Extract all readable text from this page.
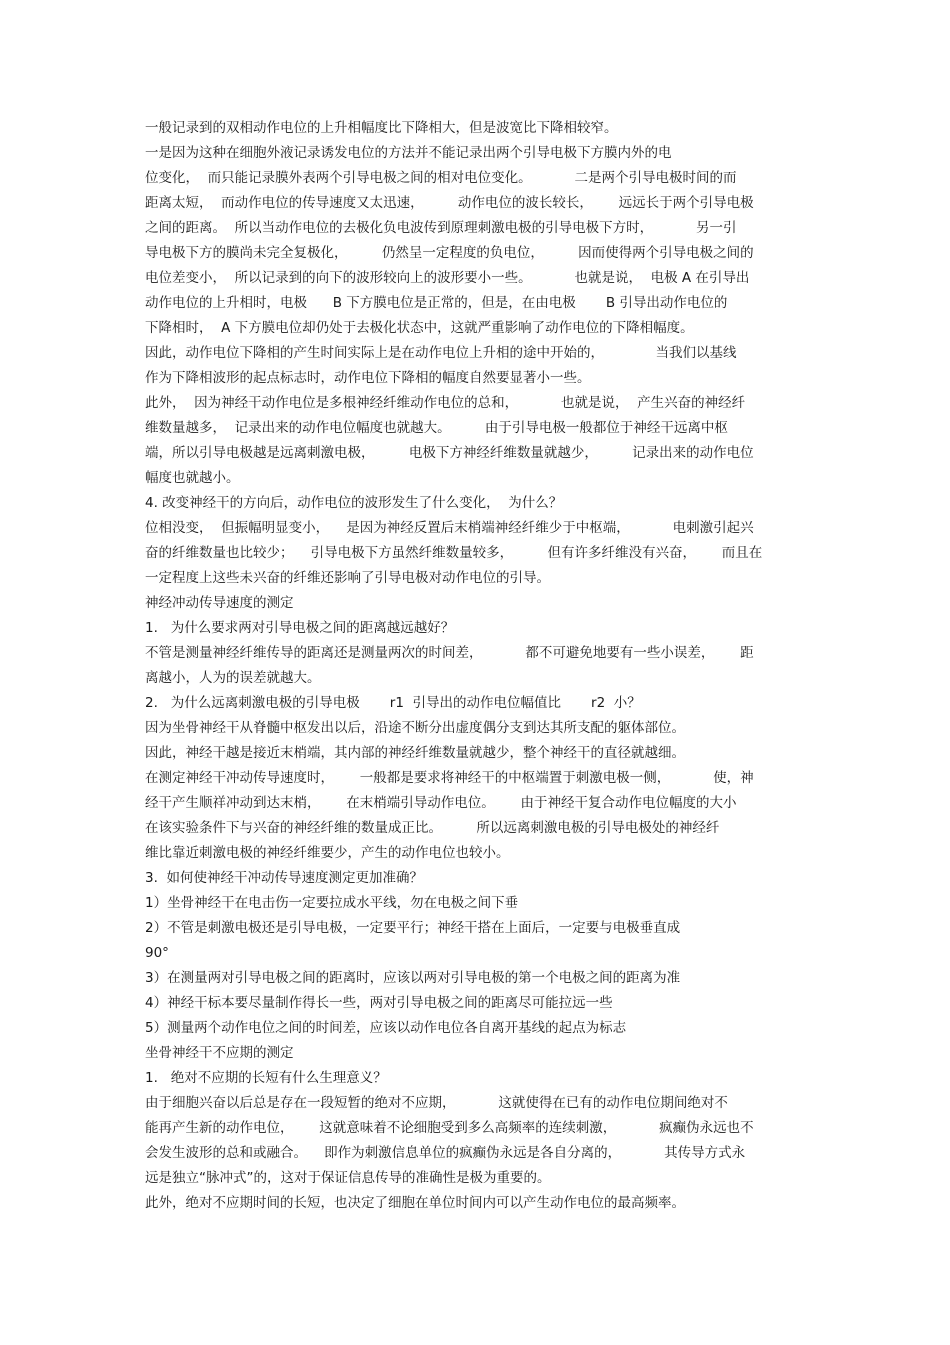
一般记录到的双相动作电位的上升相幅度比下降相大，但是波宽比下降相较窄。
一是因为这种在细胞外液记录诱发电位的方法并不能记录出两个引导电极下方膜内外的电
位变化，  而只能记录膜外表两个引导电极之间的相对电位变化。          二是两个引导电极时间的而
距离太短，  而动作电位的传导速度又太迅速，        动作电位的波长较长，      远远长于两个引导电极
之间的距离。  所以当动作电位的去极化负电波传到原理刺激电极的引导电极下方时，          另一引
导电极下方的膜尚未完全复极化，        仍然呈一定程度的负电位，        因而使得两个引导电极之间的
电位差变小，  所以记录到的向下的波形较向上的波形要小一些。          也就是说，  电极 A 在引导出
动作电位的上升相时，电极      B 下方膜电位是正常的，但是，在由电极       B 引导出动作电位的
下降相时，  A 下方膜电位却仍处于去极化状态中，这就严重影响了动作电位的下降相幅度。
因此，动作电位下降相的产生时间实际上是在动作电位上升相的途中开始的，            当我们以基线
作为下降相波形的起点标志时，动作电位下降相的幅度自然要显著小一些。
此外，  因为神经干动作电位是多根神经纤维动作电位的总和，          也就是说，  产生兴奋的神经纤
维数量越多，  记录出来的动作电位幅度也就越大。        由于引导电极一般都位于神经干远离中枢
端，所以引导电极越是远离刺激电极，        电极下方神经纤维数量就越少，        记录出来的动作电位
幅度也就越小。
4. 改变神经干的方向后，动作电位的波形发生了什么变化，  为什么？
位相没变，  但振幅明显变小，    是因为神经反置后末梢端神经纤维少于中枢端，          电刺激引起兴
奋的纤维数量也比较少；    引导电极下方虽然纤维数量较多，        但有许多纤维没有兴奋，      而且在
一定程度上这些未兴奋的纤维还影响了引导电极对动作电位的引导。
神经冲动传导速度的测定
1.   为什么要求两对引导电极之间的距离越远越好？
不管是测量神经纤维传导的距离还是测量两次的时间差，          都不可避免地要有一些小误差，      距
离越小，人为的误差就越大。
2.   为什么远离刺激电极的引导电极       r1  引导出的动作电位幅值比       r2  小？
因为坐骨神经干从脊髓中枢发出以后，沿途不断分出虚度偶分支到达其所支配的躯体部位。
因此，神经干越是接近末梢端，其内部的神经纤维数量就越少，整个神经干的直径就越细。
在测定神经干冲动传导速度时，      一般都是要求将神经干的中枢端置于刺激电极一侧，          使，神
经干产生顺祥冲动到达末梢，      在末梢端引导动作电位。      由于神经干复合动作电位幅度的大小
在该实验条件下与兴奋的神经纤维的数量成正比。        所以远离刺激电极的引导电极处的神经纤
维比靠近刺激电极的神经纤维要少，产生的动作电位也较小。
3.  如何使神经干冲动传导速度测定更加准确？
1）坐骨神经干在电击伤一定要拉成水平线，勿在电极之间下垂
2）不管是刺激电极还是引导电极，一定要平行；神经干搭在上面后，一定要与电极垂直成
90°
3）在测量两对引导电极之间的距离时，应该以两对引导电极的第一个电极之间的距离为准
4）神经干标本要尽量制作得长一些，两对引导电极之间的距离尽可能拉远一些
5）测量两个动作电位之间的时间差，应该以动作电位各自离开基线的起点为标志
坐骨神经干不应期的测定
1.   绝对不应期的长短有什么生理意义？
由于细胞兴奋以后总是存在一段短暂的绝对不应期，          这就使得在已有的动作电位期间绝对不
能再产生新的动作电位，      这就意味着不论细胞受到多么高频率的连续刺激，          疯癫伪永远也不
会发生波形的总和或融合。    即作为刺激信息单位的疯癫伪永远是各自分离的，          其传导方式永
远是独立“脉冲式”的，这对于保证信息传导的准确性是极为重要的。
此外，绝对不应期时间的长短，也决定了细胞在单位时间内可以产生动作电位的最高频率。
